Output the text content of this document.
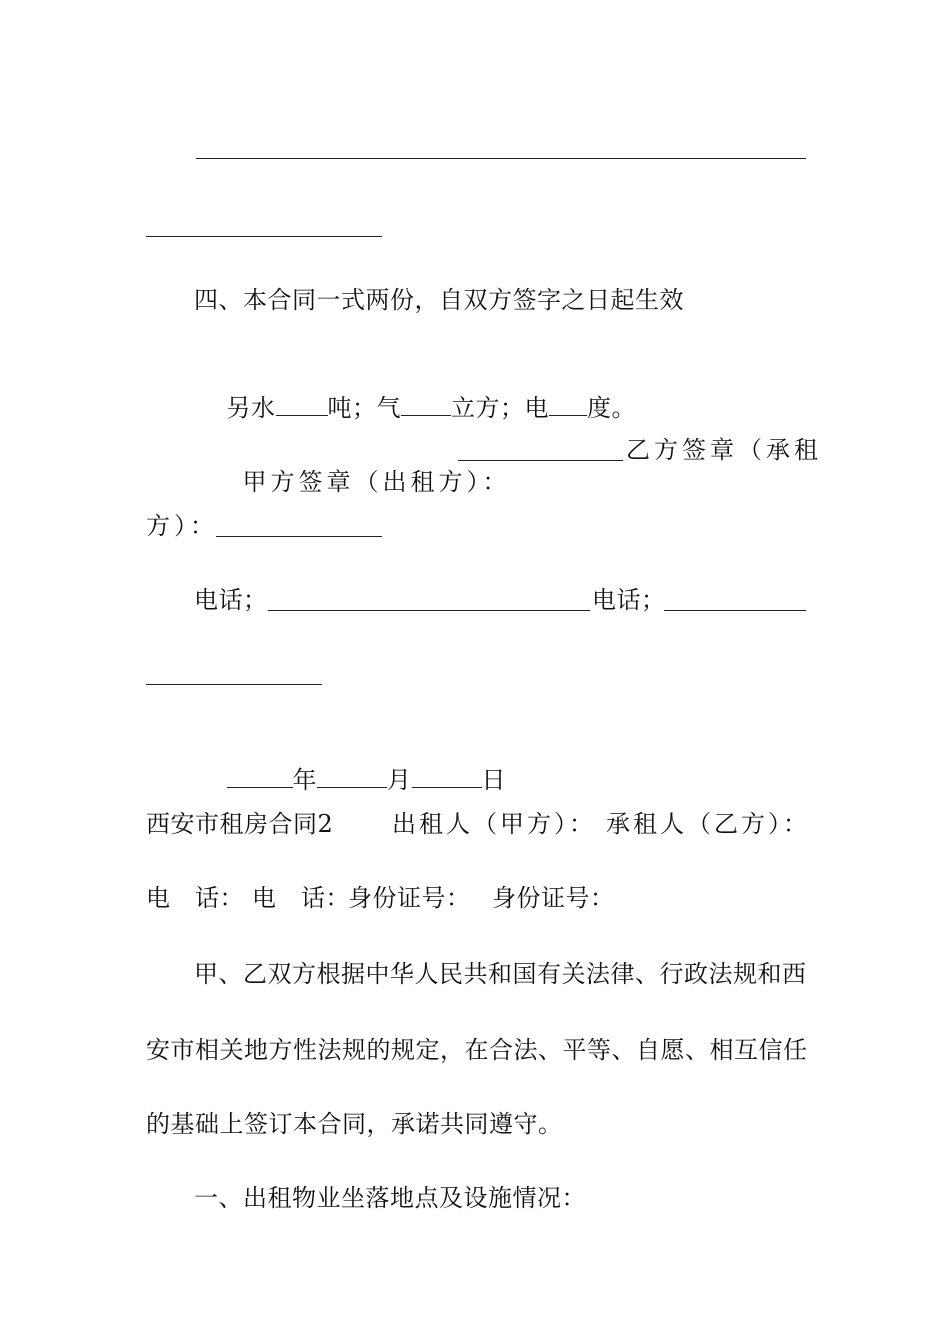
四、本合同一式两份，自双方签字之日起生效

另水 吨；气 立方；电 度。

甲方签章（出租方）：

乙方签章（承租
方）：
电话；	电话；

年	月	日

西安市租房合同2 出租人（甲方）： 承租人（乙方）：
电　话： 电　话：
身份证号： 身份证号：
甲、乙双方根据中华人民共和国有关法律、行政法规和西
安市相关地方性法规的规定，在合法、平等、自愿、相互信任
的基础上签订本合同，承诺共同遵守。
一、出租物业坐落地点及设施情况：
